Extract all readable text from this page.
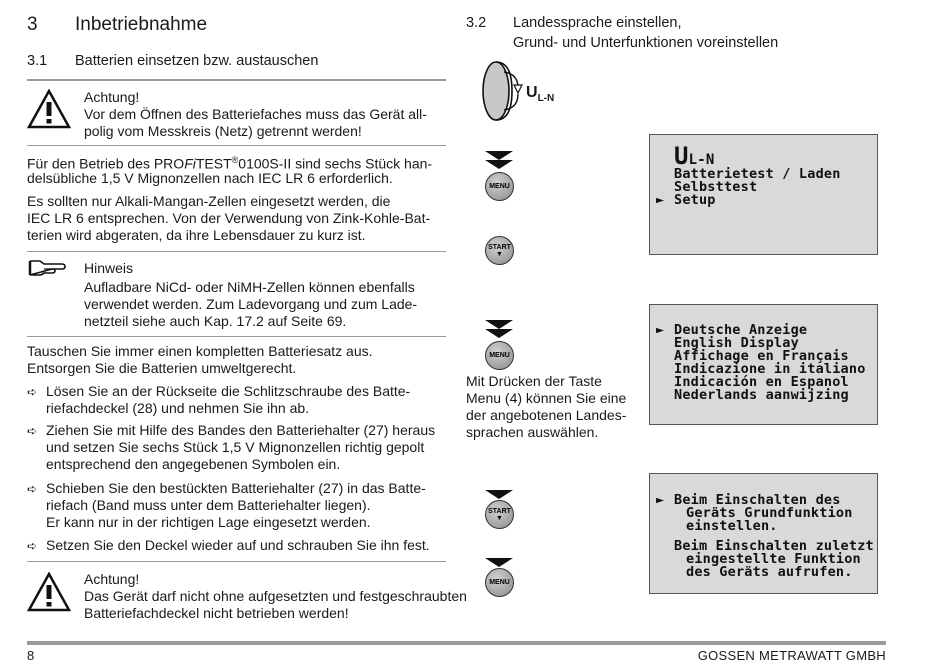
3 Inbetriebnahme
3.1 Batterien einsetzen bzw. austauschen
Achtung!
Vor dem Öffnen des Batteriefaches muss das Gerät all-
polig vom Messkreis (Netz) getrennt werden!
Für den Betrieb des PROFiTEST®0100S-II sind sechs Stück han-
delsübliche 1,5 V Mignonzellen nach IEC LR 6 erforderlich.
Es sollten nur Alkali-Mangan-Zellen eingesetzt werden, die
IEC LR 6 entsprechen. Von der Verwendung von Zink-Kohle-Bat-
terien wird abgeraten, da ihre Lebensdauer zu kurz ist.
Hinweis
Aufladbare NiCd- oder NiMH-Zellen können ebenfalls
verwendet werden. Zum Ladevorgang und zum Lade-
netzteil siehe auch Kap. 17.2 auf Seite 69.
Tauschen Sie immer einen kompletten Batteriesatz aus.
Entsorgen Sie die Batterien umweltgerecht.
➪ Lösen Sie an der Rückseite die Schlitzschraube des Batte-
riefachdeckel (28) und nehmen Sie ihn ab.
➪ Ziehen Sie mit Hilfe des Bandes den Batteriehalter (27) heraus
und setzen Sie sechs Stück 1,5 V Mignonzellen richtig gepolt
entsprechend den angegebenen Symbolen ein.
➪ Schieben Sie den bestückten Batteriehalter (27) in das Batte-
riefach (Band muss unter dem Batteriehalter liegen).
Er kann nur in der richtigen Lage eingesetzt werden.
➪ Setzen Sie den Deckel wieder auf und schrauben Sie ihn fest.
Achtung!
Das Gerät darf nicht ohne aufgesetzten und festgeschraubten
Batteriefachdeckel nicht betrieben werden!
3.2 Landessprache einstellen,
Grund- und Unterfunktionen voreinstellen
$U_{L-N}$
UL-N
Batterietest / Laden
Selbsttest
► Setup
► Deutsche Anzeige
English Display
Affichage en Français
Indicazione in italiano
Indicación en Espanol
Nederlands aanwijzing
► Beim Einschalten des
Geräts Grundfunktion
einstellen.
Beim Einschalten zuletzt
eingestellte Funktion
des Geräts aufrufen.
MENU
START
▼
MENU
Mit Drücken der Taste
Menu (4) können Sie eine
der angebotenen Landes-
sprachen auswählen.
START
▼
MENU
8	GOSSEN METRAWATT GMBH
